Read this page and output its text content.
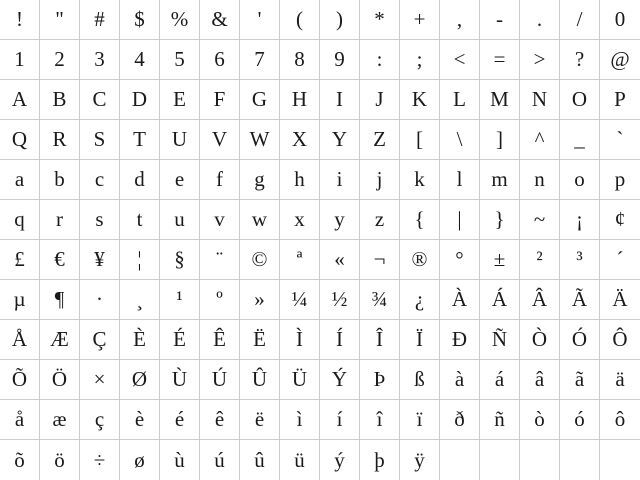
!	"	#	$	%	&	'	(	)	*	+	,	-	.	/	0
1	2	3	4	5	6	7	8	9	:	;	<	=	>	?	@
A	B	C	D	E	F	G	H	I	J	K	L	M	N	O	P
Q	R	S	T	U	V	W	X	Y	Z	[	\	]	^	_	`
a	b	c	d	e	f	g	h	i	j	k	l	m	n	o	p
q	r	s	t	u	v	w	x	y	z	{	|	}	~	¡	¢
£	€	¥	¦	§	¨	©	ª	«	¬	®	°	±	²	³	´
µ	¶	·	¸	¹	º	»	¼	½	¾	¿	À	Á	Â	Ã	Ä
Å	Æ	Ç	È	É	Ê	Ë	Ì	Í	Î	Ï	Ð	Ñ	Ò	Ó	Ô
Õ	Ö	×	Ø	Ù	Ú	Û	Ü	Ý	Þ	ß	à	á	â	ã	ä
å	æ	ç	è	é	ê	ë	ì	í	î	ï	ð	ñ	ò	ó	ô
õ	ö	÷	ø	ù	ú	û	ü	ý	þ	ÿ
